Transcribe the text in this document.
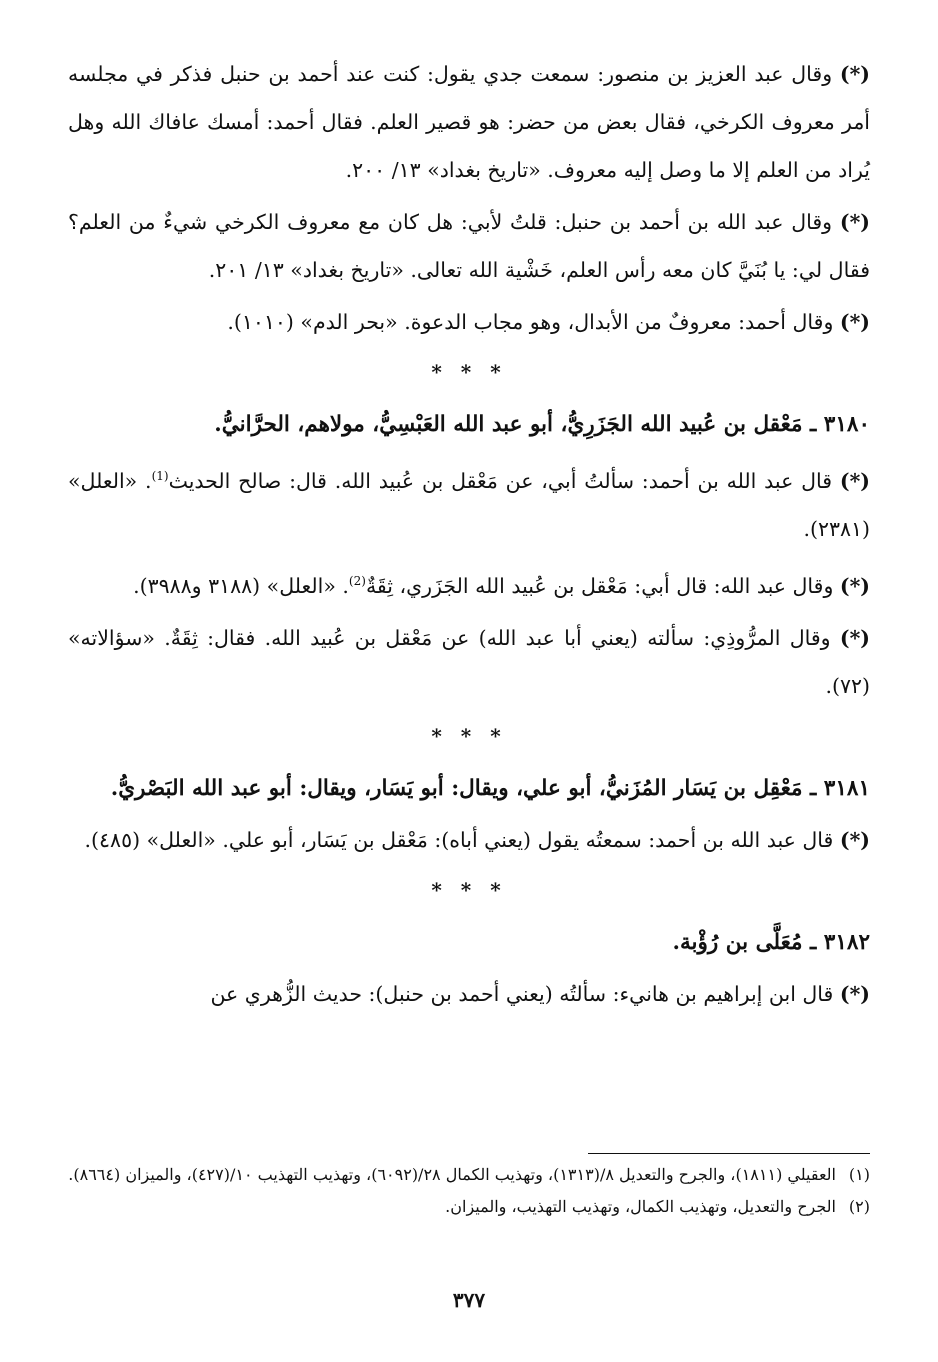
(*) وقال عبد العزيز بن منصور: سمعت جدي يقول: كنت عند أحمد بن حنبل فذكر في مجلسه أمر معروف الكرخي، فقال بعض من حضر: هو قصير العلم. فقال أحمد: أمسك عافاك الله وهل يُراد من العلم إلا ما وصل إليه معروف. «تاريخ بغداد» ١٣/ ٢٠٠.

(*) وقال عبد الله بن أحمد بن حنبل: قلتُ لأبي: هل كان مع معروف الكرخي شيءٌ من العلم؟ فقال لي: يا بُنَيَّ كان معه رأس العلم، خَشْية الله تعالى. «تاريخ بغداد» ١٣/ ٢٠١.

(*) وقال أحمد: معروفٌ من الأبدال، وهو مجاب الدعوة. «بحر الدم» (١٠١٠).

* * *
٣١٨٠ ـ مَعْقل بن عُبيد الله الجَزَرِيُّ، أبو عبد الله العَبْسِيُّ، مولاهم، الحرَّانيُّ.

(*) قال عبد الله بن أحمد: سألتُ أبي، عن مَعْقل بن عُبيد الله. قال: صالح الحديث$^{(1)}$. «العلل» (٢٣٨١).

(*) وقال عبد الله: قال أبي: مَعْقل بن عُبيد الله الجَزَري، ثِقَةٌ$^{(2)}$. «العلل» (٣١٨٨ و٣٩٨٨).

(*) وقال المرُّوذِي: سألته (يعني أبا عبد الله) عن مَعْقل بن عُبيد الله. فقال: ثِقَةٌ. «سؤالاته» (٧٢).

* * *
٣١٨١ ـ مَعْقِل بن يَسَار المُزَنيُّ، أبو علي، ويقال: أبو يَسَار، ويقال: أبو عبد الله البَصْريُّ.

(*) قال عبد الله بن أحمد: سمعتُه يقول (يعني أباه): مَعْقل بن يَسَار، أبو علي. «العلل» (٤٨٥).

* * *
٣١٨٢ ـ مُعَلَّى بن رُؤْبة.

(*) قال ابن إبراهيم بن هانيء: سألتُه (يعني أحمد بن حنبل): حديث الزُّهري عن

(١)العقيلي (١٨١١)، والجرح والتعديل ٨/(١٣١٣)، وتهذيب الكمال ٢٨/(٦٠٩٢)، وتهذيب التهذيب ١٠/(٤٢٧)، والميزان (٨٦٦٤).

(٢)الجرح والتعديل، وتهذيب الكمال، وتهذيب التهذيب، والميزان.

٣٧٧
